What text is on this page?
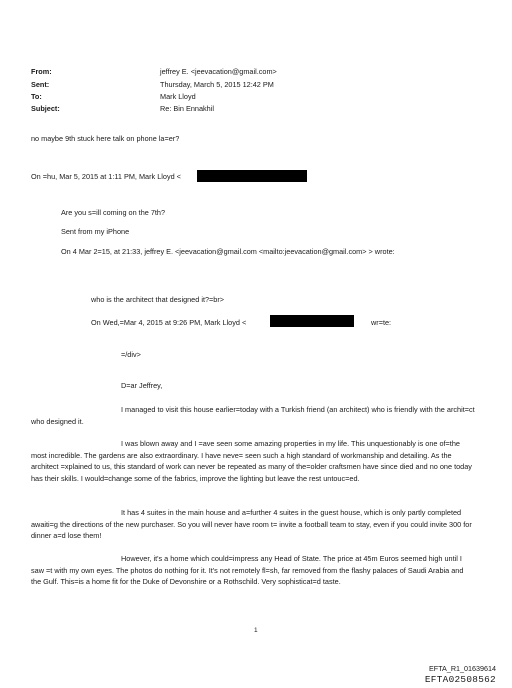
From:
Sent:
To:
Subject:
jeffrey E. <jeevacation@gmail.com>
Thursday, March 5, 2015 12:42 PM
Mark Lloyd
Re: Bin Ennakhil
no maybe 9th stuck here talk on phone la=er?
On =hu, Mar 5, 2015 at 1:11 PM, Mark Lloyd <
Are you s=ill coming on the 7th?
Sent from my iPhone
On 4 Mar 2=15, at 21:33, jeffrey E. <jeevacation@gmail.com <mailto:jeevacation@gmail.com> > wrote:
who is the architect that designed it?=br>
On Wed,=Mar 4, 2015 at 9:26 PM, Mark Lloyd <	wr=te:
=/div>
D=ar Jeffrey,
I managed to visit this house earlier=today with a Turkish friend (an architect) who is friendly with the archit=ct who designed it.
I was blown away and I =ave seen some amazing properties in my life. This unquestionably is one of=the most incredible. The gardens are also extraordinary. I have neve= seen such a high standard of workmanship and detailing. As the architect =xplained to us, this standard of work can never be repeated as many of the=older craftsmen have since died and no one today has their skills. I would=change some of the fabrics, improve the lighting but leave the rest untouc=ed.
It has 4 suites in the main house and a=further 4 suites in the guest house, which is only partly completed awaiti=g the directions of the new purchaser. So you will never have room t= invite a football team to stay, even if you could invite 300 for dinner a=d lose them!
However, it's a home which could=impress any Head of State. The price at 45m Euros seemed high until I saw =t with my own eyes. The photos do nothing for it. It's not remotely fl=sh, far removed from the flashy palaces of Saudi Arabia and the Gulf. This=is a home fit for the Duke of Devonshire or a Rothschild. Very sophisticat=d taste.
1
EFTA_R1_01639614
EFTA02508562
